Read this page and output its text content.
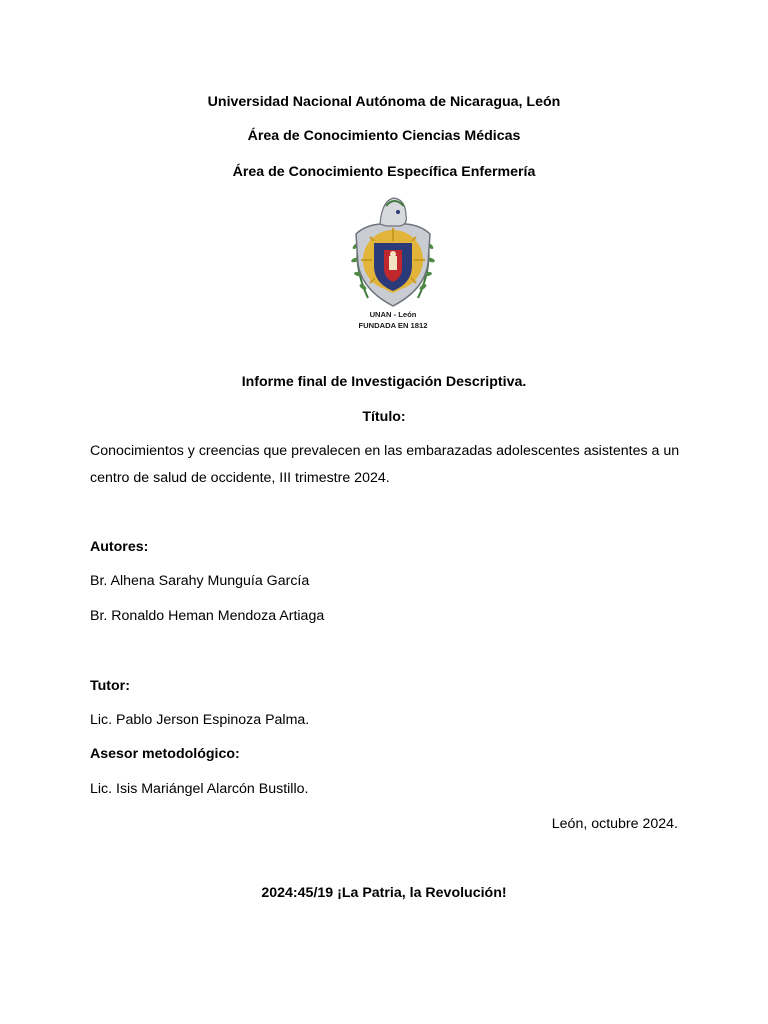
Universidad Nacional Autónoma de Nicaragua, León
Área de Conocimiento Ciencias Médicas
Área de Conocimiento Específica Enfermería
UNAN - León
FUNDADA EN 1812
Informe final de Investigación Descriptiva.
Título:
Conocimientos y creencias que prevalecen en las embarazadas adolescentes asistentes a un centro de salud de occidente, III trimestre 2024.
Autores:
Br. Alhena Sarahy Munguía García
Br. Ronaldo Heman Mendoza Artiaga
Tutor:
Lic. Pablo Jerson Espinoza Palma.
Asesor metodológico:
Lic. Isis Mariángel Alarcón Bustillo.
León, octubre 2024.
2024:45/19 ¡La Patria, la Revolución!
